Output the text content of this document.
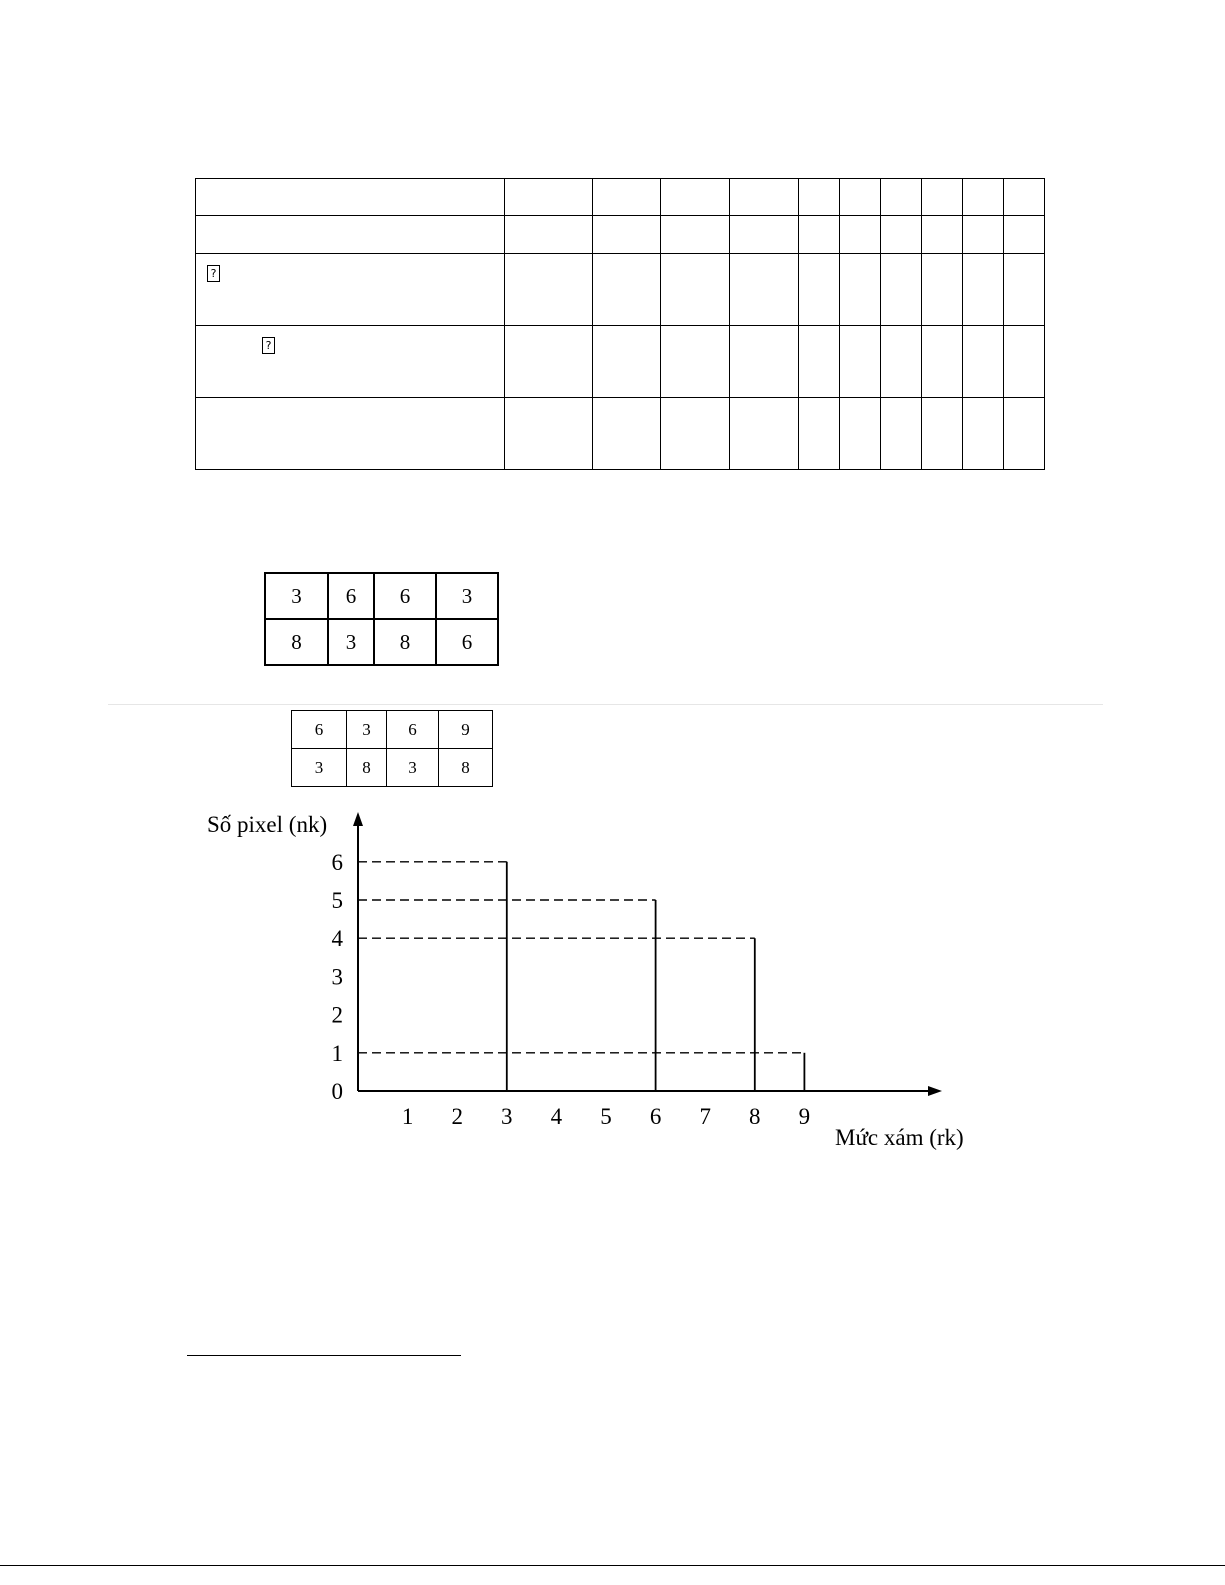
?										

?										

3	6	6	3
8	3	8	6
6	3	6	9
3	8	3	8
1 2 3 4 5 6 7 8 9
0
1
2
3
4
5
6
Số pixel (nk)
Mức xám (rk)
